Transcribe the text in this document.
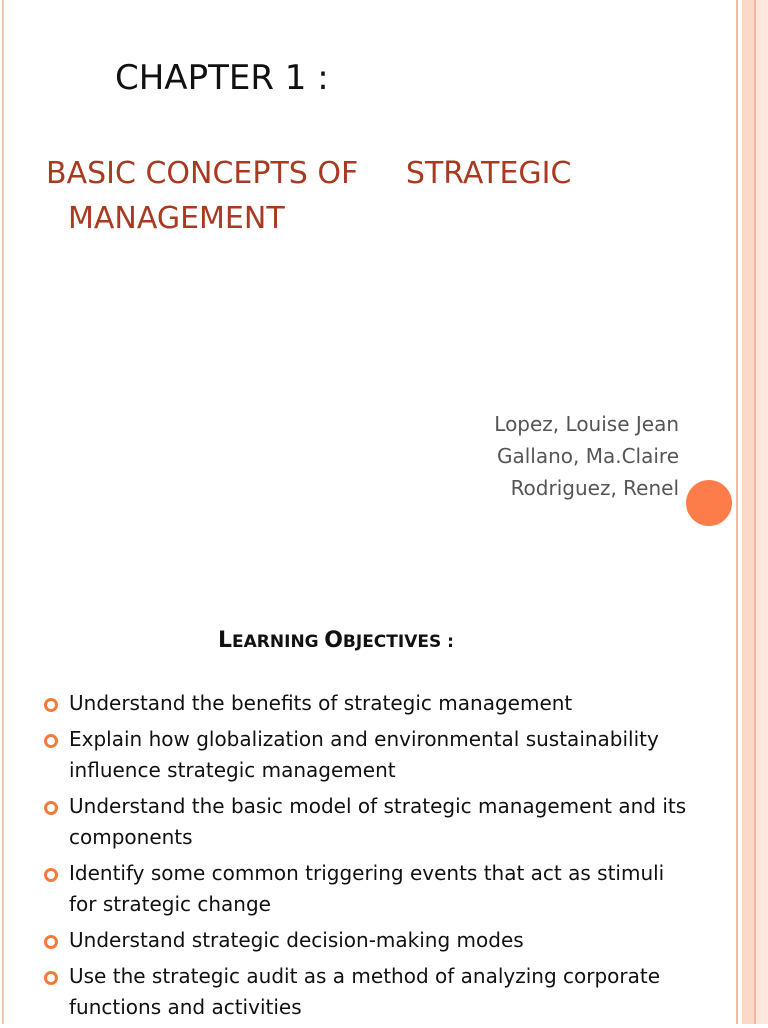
CHAPTER 1 :
BASIC CONCEPTS OF     STRATEGIC
MANAGEMENT
Lopez, Louise Jean
Gallano, Ma.Claire
Rodriguez, Renel
LEARNING OBJECTIVES :
Understand the benefits of strategic management
Explain how globalization and environmental sustainability influence strategic management
Understand the basic model of strategic management and its components
Identify some common triggering events that act as stimuli for strategic change
Understand strategic decision-making modes
Use the strategic audit as a method of analyzing corporate functions and activities
